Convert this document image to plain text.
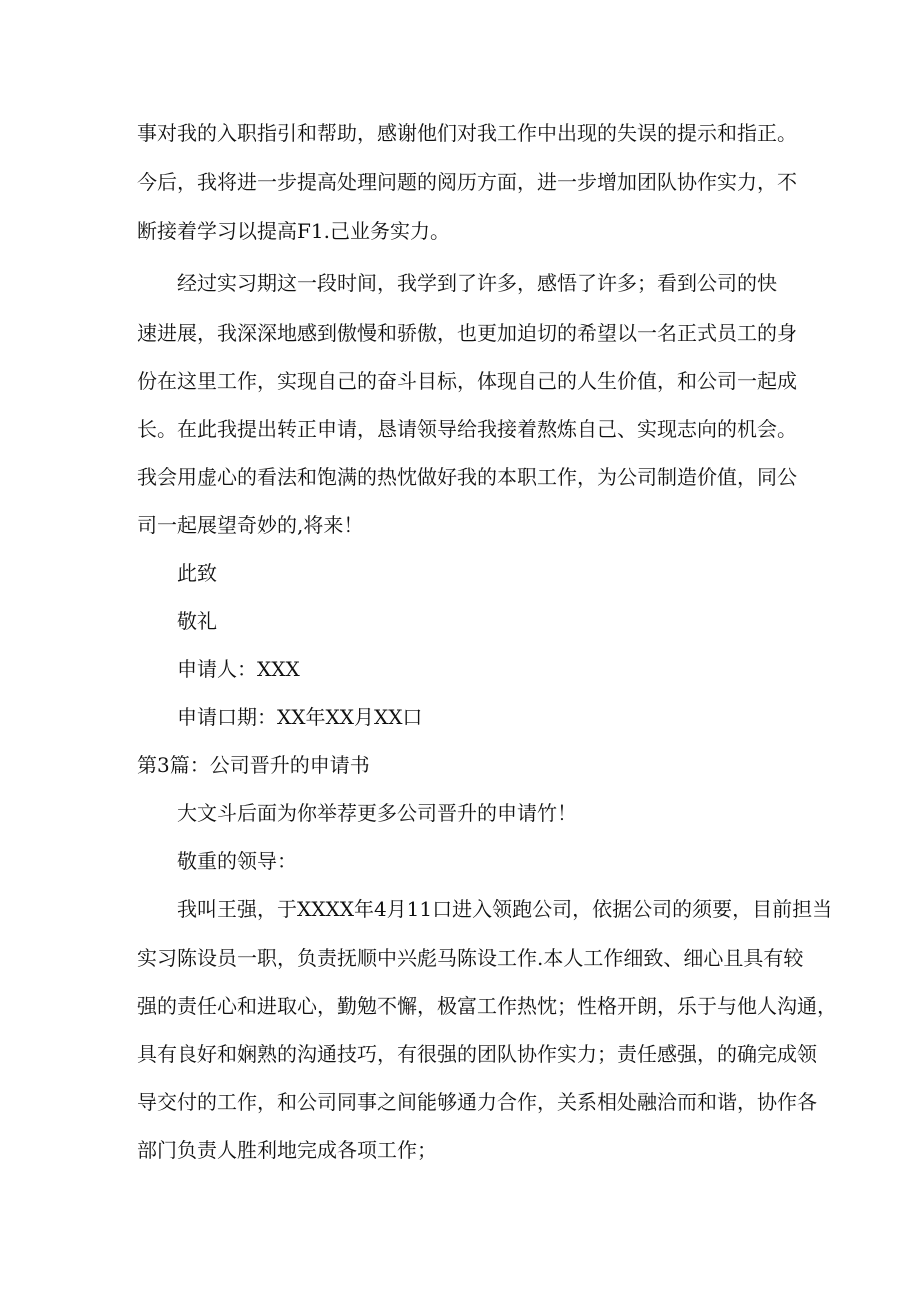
事对我的入职指引和帮助，感谢他们对我工作中出现的失误的提示和指正。
今后，我将进一步提高处理问题的阅历方面，进一步增加团队协作实力，不
断接着学习以提高F1.己业务实力。
经过实习期这一段时间，我学到了许多，感悟了许多；看到公司的快
速进展，我深深地感到傲慢和骄傲，也更加迫切的希望以一名正式员工的身
份在这里工作，实现自己的奋斗目标，体现自己的人生价值，和公司一起成
长。在此我提出转正申请，恳请领导给我接着熬炼自己、实现志向的机会。
我会用虚心的看法和饱满的热忱做好我的本职工作，为公司制造价值，同公
司一起展望奇妙的,将来！
此致
敬礼
申请人：XXX
申请口期：XX年XX月XX口
第3篇：公司晋升的申请书
大文斗后面为你举荐更多公司晋升的申请竹！
敬重的领导：
我叫王强，于XXXX年4月11口进入领跑公司，依据公司的须要，目前担当
实习陈设员一职，负责抚顺中兴彪马陈设工作.本人工作细致、细心且具有较
强的责任心和进取心，勤勉不懈，极富工作热忱；性格开朗，乐于与他人沟通，
具有良好和娴熟的沟通技巧，有很强的团队协作实力；责任感强，的确完成领
导交付的工作，和公司同事之间能够通力合作，关系相处融洽而和谐，协作各
部门负责人胜利地完成各项工作；
